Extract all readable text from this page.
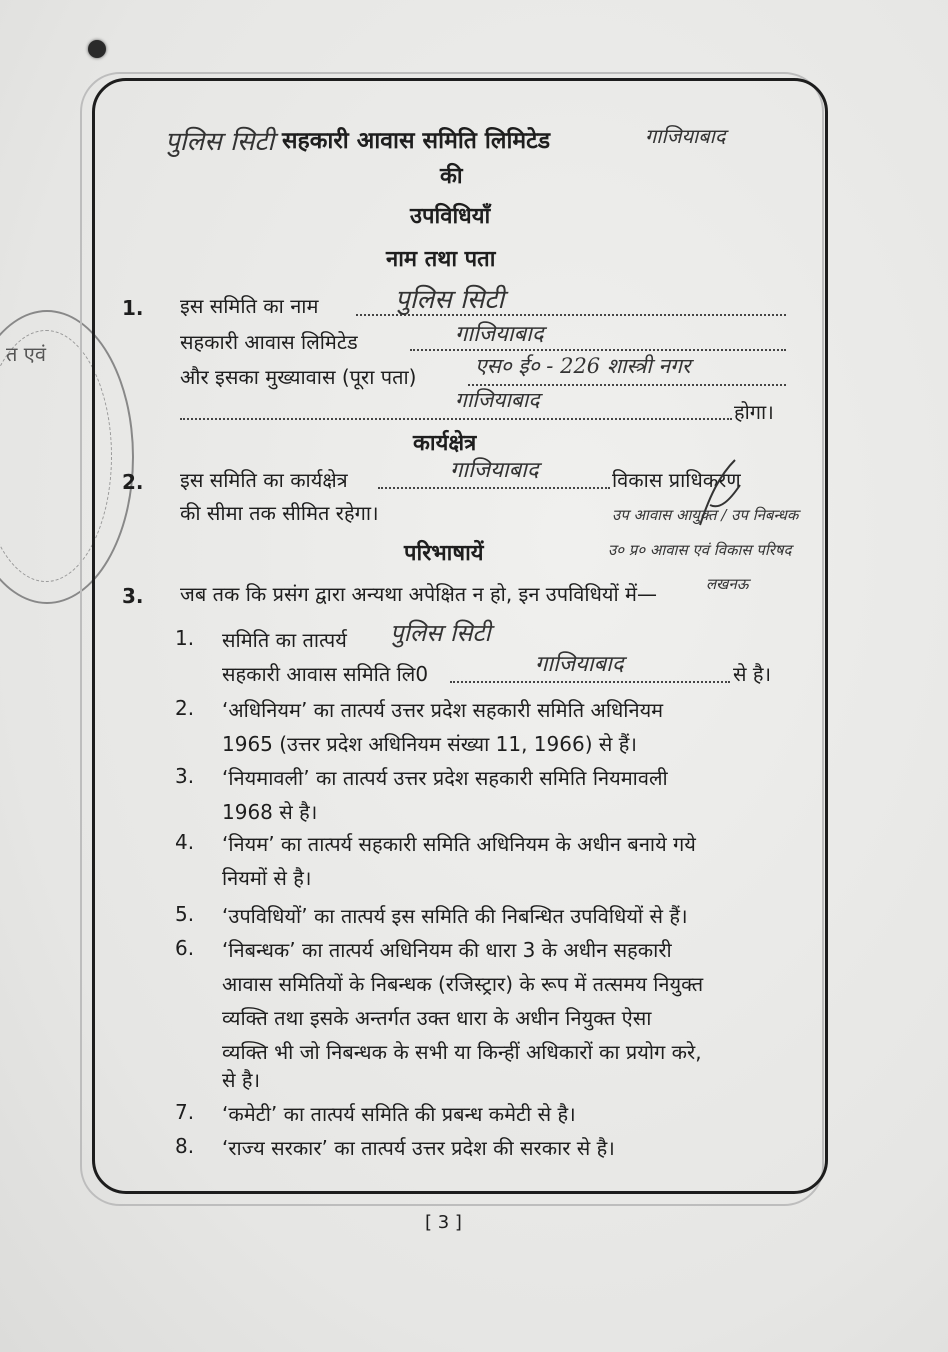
त एवं
पुलिस सिटी सहकारी आवास समिति लिमिटेड	गाजियाबाद
की
उपविधियाँ
नाम तथा पता
1. इस समिति का नाम	पुलिस सिटी
सहकारी आवास लिमिटेड	गाजियाबाद
और इसका मुख्यावास (पूरा पता)	एस० ई० - 226 शास्त्री नगर
गाजियाबाद	होगा।
कार्यक्षेत्र
2. इस समिति का कार्यक्षेत्र	गाजियाबाद	विकास प्राधिकरण
की सीमा तक सीमित रहेगा।	उप आवास आयुक्त / उप निबन्धक
उ० प्र० आवास एवं विकास परिषद
लखनऊ
परिभाषायें
3. जब तक कि प्रसंग द्वारा अन्यथा अपेक्षित न हो, इन उपविधियों में—
1. समिति का तात्पर्य पुलिस सिटी
सहकारी आवास समिति लि0	गाजियाबाद	से है।
2. ‘अधिनियम’ का तात्पर्य उत्तर प्रदेश सहकारी समिति अधिनियम
1965 (उत्तर प्रदेश अधिनियम संख्या 11, 1966) से हैं।
3. ‘नियमावली’ का तात्पर्य उत्तर प्रदेश सहकारी समिति नियमावली
1968 से है।
4. ‘नियम’ का तात्पर्य सहकारी समिति अधिनियम के अधीन बनाये गये
नियमों से है।
5. ‘उपविधियों’ का तात्पर्य इस समिति की निबन्धित उपविधियों से हैं।
6. ‘निबन्धक’ का तात्पर्य अधिनियम की धारा 3 के अधीन सहकारी
आवास समितियों के निबन्धक (रजिस्ट्रार) के रूप में तत्समय नियुक्त
व्यक्ति तथा इसके अन्तर्गत उक्त धारा के अधीन नियुक्त ऐसा
व्यक्ति भी जो निबन्धक के सभी या किन्हीं अधिकारों का प्रयोग करे,
से है।
7. ‘कमेटी’ का तात्पर्य समिति की प्रबन्ध कमेटी से है।
8. ‘राज्य सरकार’ का तात्पर्य उत्तर प्रदेश की सरकार से है।
[ 3 ]
